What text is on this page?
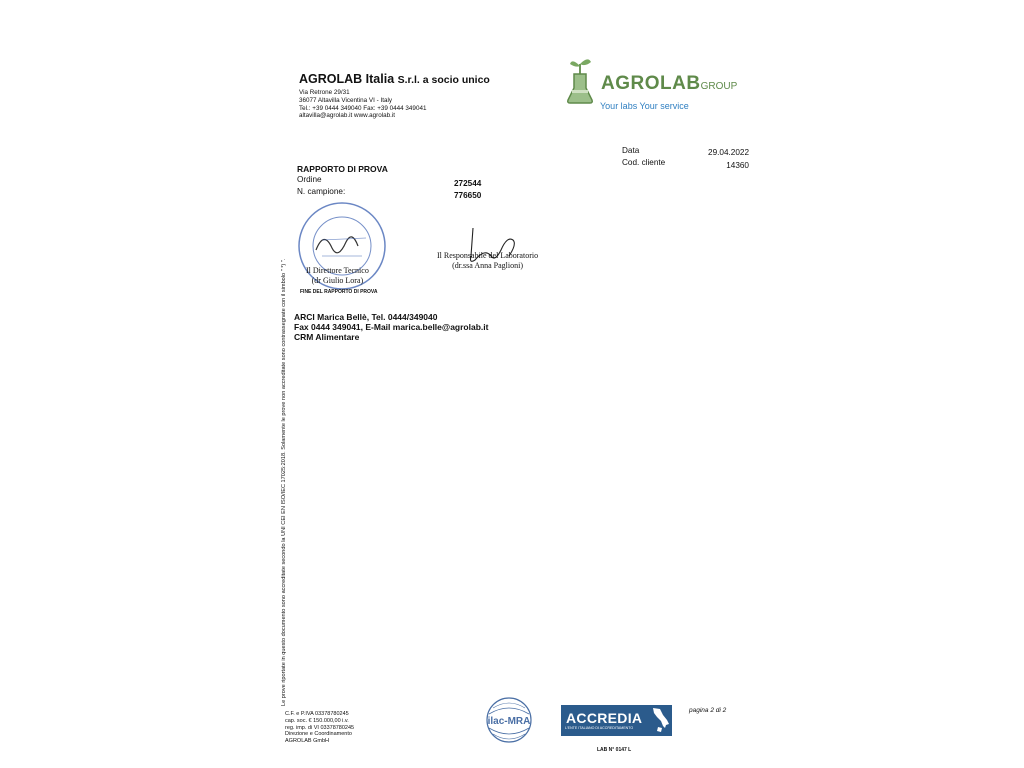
AGROLAB Italia S.r.l. a socio unico
Via Retrone 29/31
36077 Altavilla Vicentina VI - Italy
Tel.: +39 0444 349040 Fax: +39 0444 349041
altavilla@agrolab.it www.agrolab.it
AGROLABGROUP
Your labs Your service
Le prove riportate in questo documento sono accreditate secondo la UNI CEI EN ISO/IEC 17025:2018. Solamente le prove non accreditate sono contrassegnate con il simbolo " *) ".
Data	29.04.2022
Cod. cliente	14360
RAPPORTO DI PROVA
Ordine	272544
N. campione:	776650
Il Direttore Tecnico
(dr Giulio Lora)
FINE DEL RAPPORTO DI PROVA
Il Responsabile del Laboratorio
(dr.ssa Anna Paglioni)
ARCI Marica Bellè, Tel. 0444/349040
Fax 0444 349041, E-Mail marica.belle@agrolab.it
CRM Alimentare
C.F. e P.IVA 03378780245
cap. soc. € 150.000,00 i.v.
reg. imp. di VI 03378780245
Direzione e Coordinamento
AGROLAB GmbH
ilac-MRA	ACCREDIA
L'ENTE ITALIANO DI ACCREDITAMENTO
LAB N° 0147 L
pagina 2 di 2
